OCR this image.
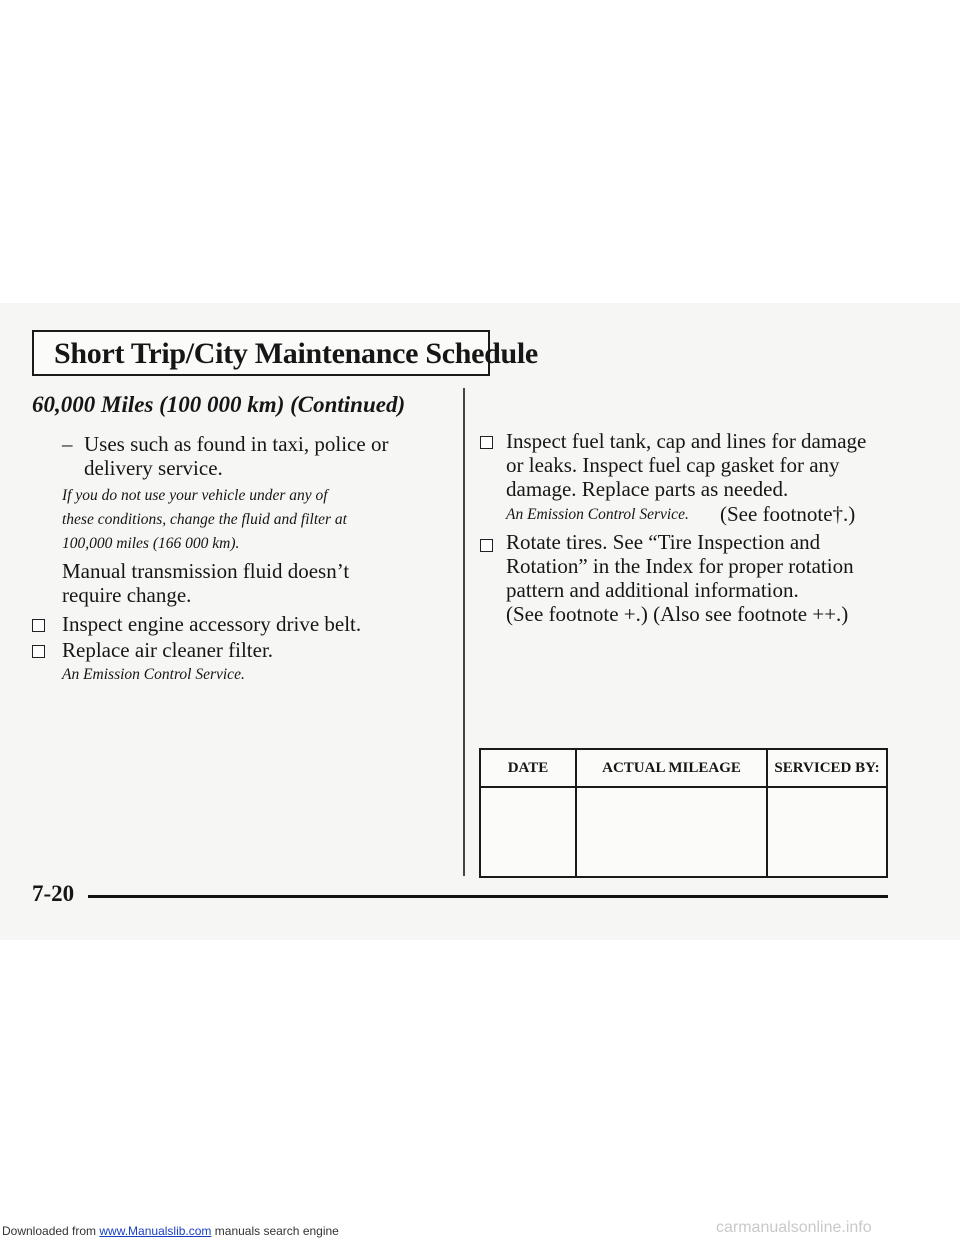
Short Trip/City Maintenance Schedule
60,000 Miles (100 000 km) (Continued)
– Uses such as found in taxi, police or
delivery service.
If you do not use your vehicle under any of
these conditions, change the fluid and filter at
100,000 miles (166 000 km).
Manual transmission fluid doesn’t
require change.
Inspect engine accessory drive belt.
Replace air cleaner filter.
An Emission Control Service.
Inspect fuel tank, cap and lines for damage
or leaks. Inspect fuel cap gasket for any
damage. Replace parts as needed.
An Emission Control Service. (See footnote†.)
Rotate tires. See “Tire Inspection and
Rotation” in the Index for proper rotation
pattern and additional information.
(See footnote +.) (Also see footnote ++.)
DATE	ACTUAL MILEAGE	SERVICED BY:
7-20
Downloaded from www.Manualslib.com manuals search engine	carmanualsonline.info
